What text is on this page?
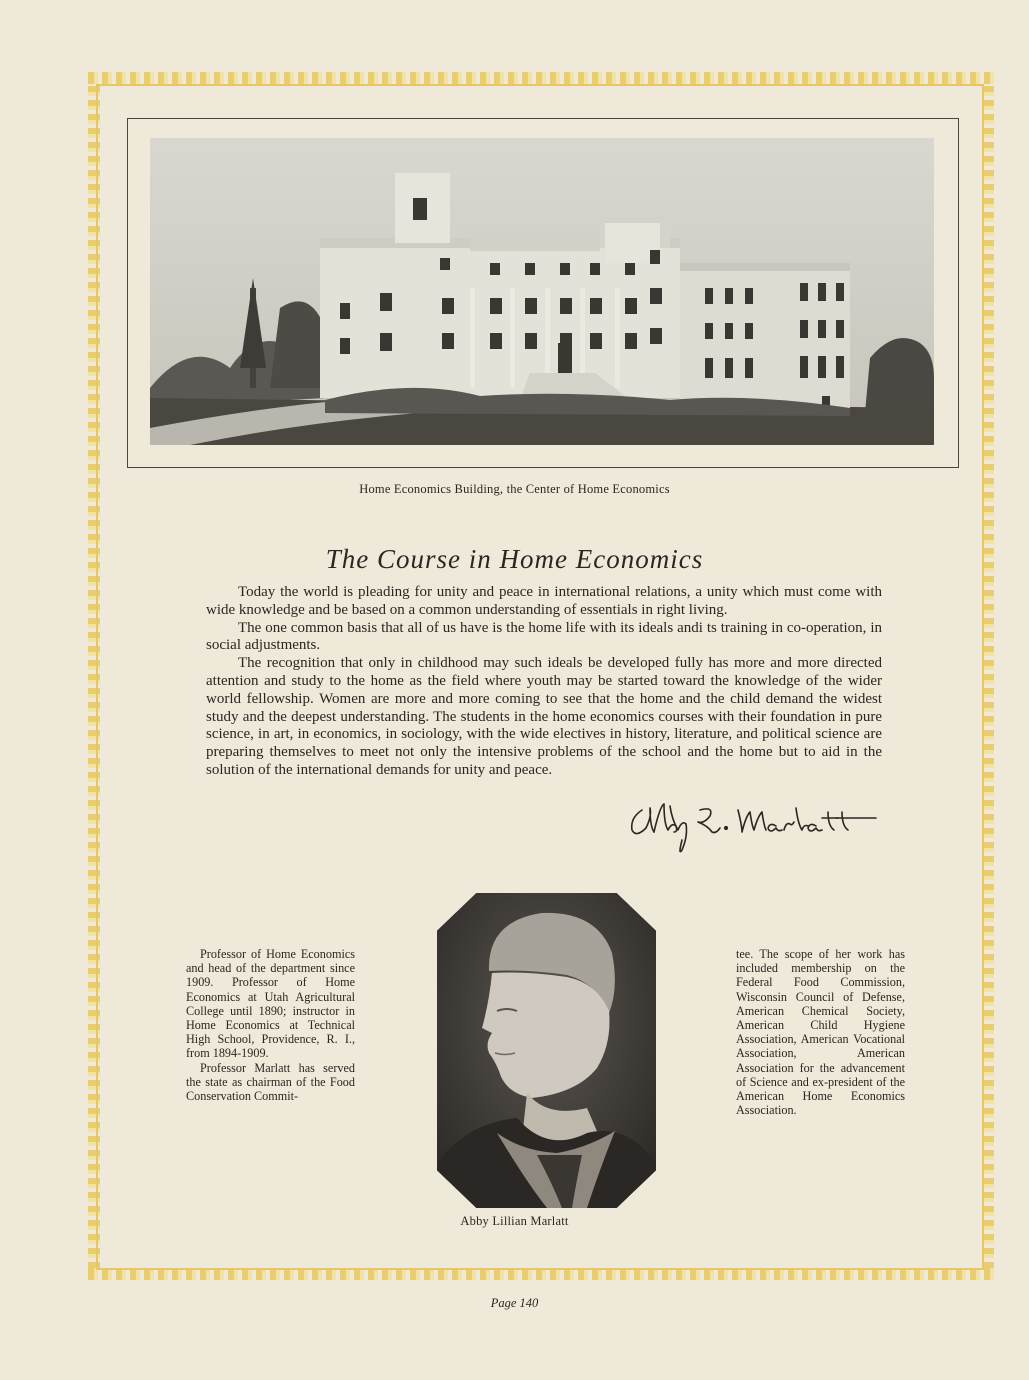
Home Economics Building, the Center of Home Economics
The Course in Home Economics

Today the world is pleading for unity and peace in international relations, a unity which must come with wide knowledge and be based on a common understanding of essentials in right living.

The one common basis that all of us have is the home life with its ideals andi ts training in co-operation, in social adjustments.

The recognition that only in childhood may such ideals be developed fully has more and more directed attention and study to the home as the field where youth may be started toward the knowledge of the wider world fellowship. Women are more and more coming to see that the home and the child demand the widest study and the deepest understanding. The students in the home economics courses with their foundation in pure science, in art, in economics, in sociology, with the wide electives in history, literature, and political science are preparing themselves to meet not only the intensive problems of the school and the home but to aid in the solution of the international demands for unity and peace.

Professor of Home Economics and head of the department since 1909. Professor of Home Economics at Utah Agricultural College until 1890; instructor in Home Economics at Technical High School, Providence, R. I., from 1894-1909.

Professor Marlatt has served the state as chairman of the Food Conservation Commit-

tee. The scope of her work has included membership on the Federal Food Commission, Wisconsin Council of Defense, American Chemical Society, American Child Hygiene Association, American Vocational Association, American Association for the advancement of Science and ex-president of the American Home Economics Association.

Abby Lillian Marlatt
Page 140
